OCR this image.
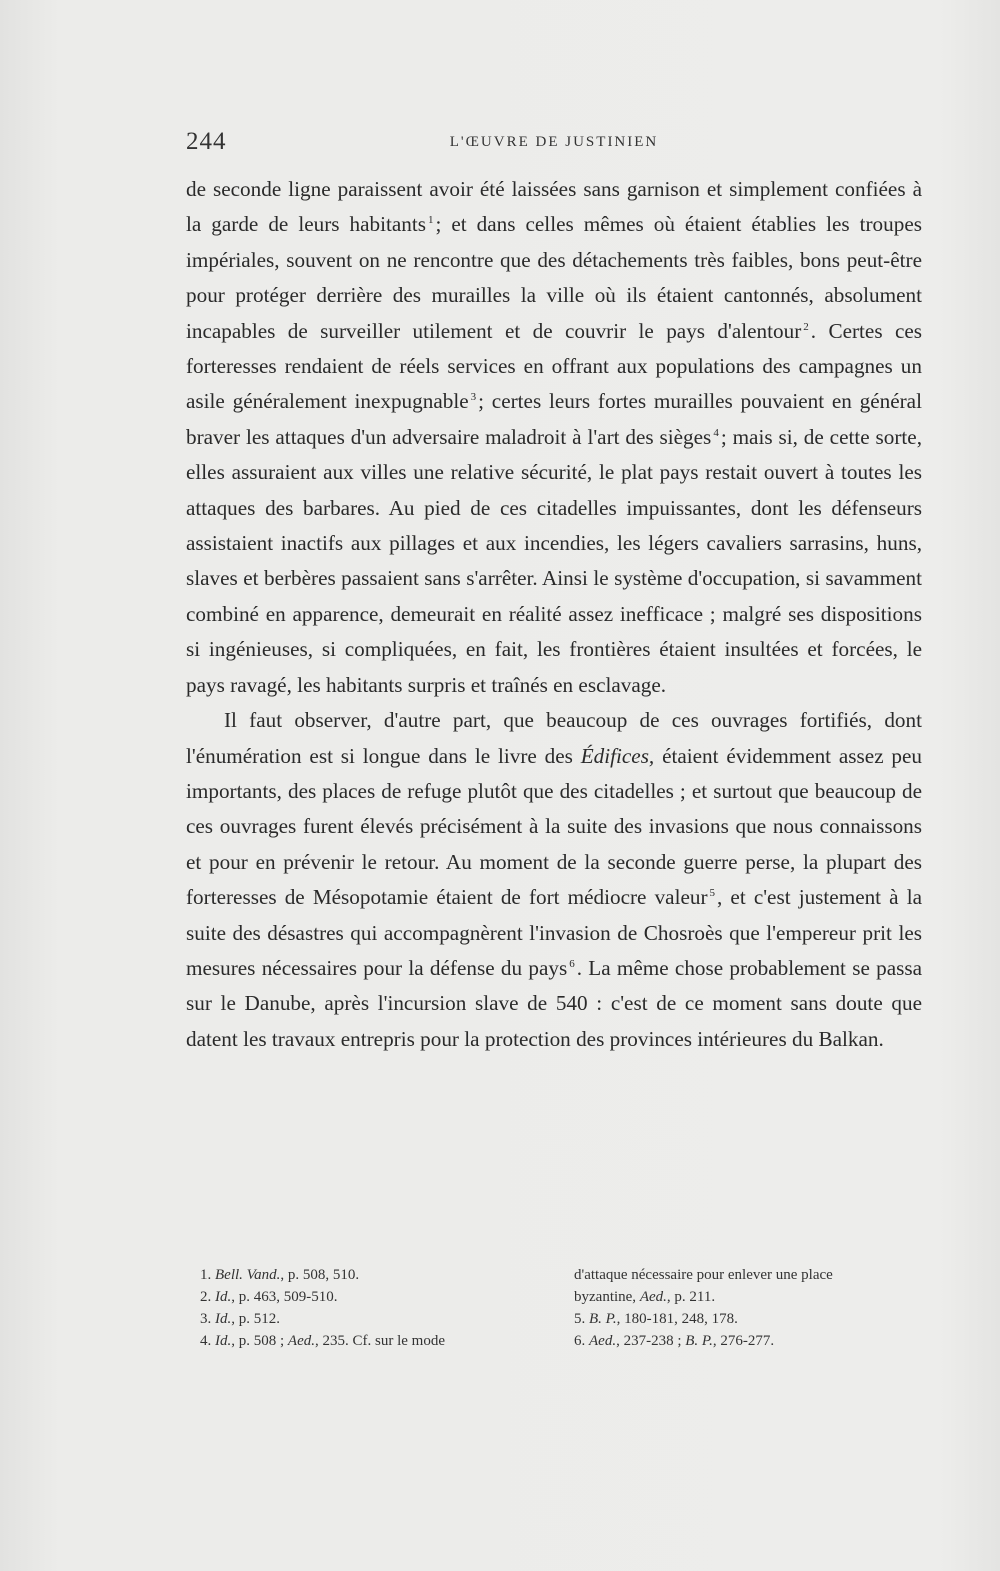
244	L'ŒUVRE DE JUSTINIEN

de seconde ligne paraissent avoir été laissées sans garnison et simplement confiées à la garde de leurs habitants $^1$; et dans celles mêmes où étaient établies les troupes impériales, souvent on ne rencontre que des détachements très faibles, bons peut-être pour protéger derrière des murailles la ville où ils étaient cantonnés, absolument incapables de surveiller utilement et de couvrir le pays d'alentour $^2$. Certes ces forteresses rendaient de réels services en offrant aux populations des campagnes un asile généralement inexpugnable $^3$; certes leurs fortes murailles pouvaient en général braver les attaques d'un adversaire maladroit à l'art des sièges $^4$; mais si, de cette sorte, elles assuraient aux villes une relative sécurité, le plat pays restait ouvert à toutes les attaques des barbares. Au pied de ces citadelles impuissantes, dont les défenseurs assistaient inactifs aux pillages et aux incendies, les légers cavaliers sarrasins, huns, slaves et berbères passaient sans s'arrêter. Ainsi le système d'occupation, si savamment combiné en apparence, demeurait en réalité assez inefficace ; malgré ses dispositions si ingénieuses, si compliquées, en fait, les frontières étaient insultées et forcées, le pays ravagé, les habitants surpris et traînés en esclavage.

Il faut observer, d'autre part, que beaucoup de ces ouvrages fortifiés, dont l'énumération est si longue dans le livre des Édifices, étaient évidemment assez peu importants, des places de refuge plutôt que des citadelles ; et surtout que beaucoup de ces ouvrages furent élevés précisément à la suite des invasions que nous connaissons et pour en prévenir le retour. Au moment de la seconde guerre perse, la plupart des forteresses de Mésopotamie étaient de fort médiocre valeur $^5$, et c'est justement à la suite des désastres qui accompagnèrent l'invasion de Chosroès que l'empereur prit les mesures nécessaires pour la défense du pays $^6$. La même chose probablement se passa sur le Danube, après l'incursion slave de 540 : c'est de ce moment sans doute que datent les travaux entrepris pour la protection des provinces intérieures du Balkan.

1. Bell. Vand., p. 508, 510.
2. Id., p. 463, 509-510.
3. Id., p. 512.
4. Id., p. 508 ; Aed., 235. Cf. sur le mode
d'attaque nécessaire pour enlever une place
byzantine, Aed., p. 211.
5. B. P., 180-181, 248, 178.
6. Aed., 237-238 ; B. P., 276-277.
